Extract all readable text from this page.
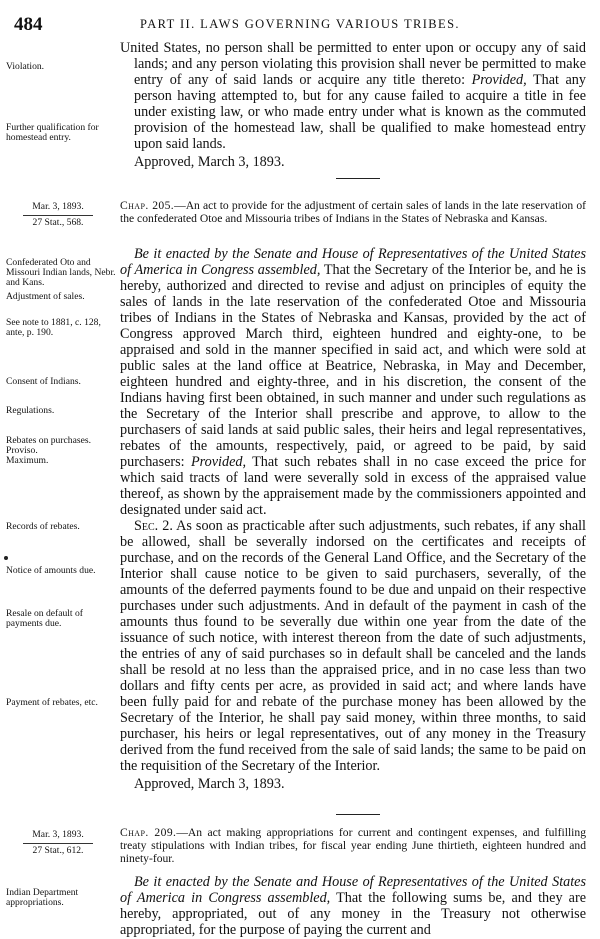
484	PART II. LAWS GOVERNING VARIOUS TRIBES.
Violation.
Further qualification for homestead entry.

United States, no person shall be permitted to enter upon or occupy any of said lands; and any person violating this provision shall never be permitted to make entry of any of said lands or acquire any title thereto: Provided, That any person having attempted to, but for any cause failed to acquire a title in fee under existing law, or who made entry under what is known as the commuted provision of the homestead law, shall be qualified to make homestead entry upon said lands.

Approved, March 3, 1893.

Mar. 3, 1893.
27 Stat., 568.

Chap. 205.—An act to provide for the adjustment of certain sales of lands in the late reservation of the confederated Otoe and Missouria tribes of Indians in the States of Nebraska and Kansas.

Confederated Oto and Missouri Indian lands, Nebr. and Kans.
Adjustment of sales.
See note to 1881, c. 128, ante, p. 190.
Consent of Indians.
Regulations.
Rebates on purchases.
Proviso.
Maximum.
Records of rebates.
Notice of amounts due.
Resale on default of payments due.
Payment of rebates, etc.

Be it enacted by the Senate and House of Representatives of the United States of America in Congress assembled, That the Secretary of the Interior be, and he is hereby, authorized and directed to revise and adjust on principles of equity the sales of lands in the late reservation of the confederated Otoe and Missouria tribes of Indians in the States of Nebraska and Kansas, provided by the act of Congress approved March third, eighteen hundred and eighty-one, to be appraised and sold in the manner specified in said act, and which were sold at public sales at the land office at Beatrice, Nebraska, in May and December, eighteen hundred and eighty-three, and in his discretion, the consent of the Indians having first been obtained, in such manner and under such regulations as the Secretary of the Interior shall prescribe and approve, to allow to the purchasers of said lands at said public sales, their heirs and legal representatives, rebates of the amounts, respectively, paid, or agreed to be paid, by said purchasers: Provided, That such rebates shall in no case exceed the price for which said tracts of land were severally sold in excess of the appraised value thereof, as shown by the appraisement made by the commissioners appointed and designated under said act.

Sec. 2. As soon as practicable after such adjustments, such rebates, if any shall be allowed, shall be severally indorsed on the certificates and receipts of purchase, and on the records of the General Land Office, and the Secretary of the Interior shall cause notice to be given to said purchasers, severally, of the amounts of the deferred payments found to be due and unpaid on their respective purchases under such adjustments. And in default of the payment in cash of the amounts thus found to be severally due within one year from the date of the issuance of such notice, with interest thereon from the date of such adjustments, the entries of any of said purchases so in default shall be canceled and the lands shall be resold at no less than the appraised price, and in no case less than two dollars and fifty cents per acre, as provided in said act; and where lands have been fully paid for and rebate of the purchase money has been allowed by the Secretary of the Interior, he shall pay said money, within three months, to said purchaser, his heirs or legal representatives, out of any money in the Treasury derived from the fund received from the sale of said lands; the same to be paid on the requisition of the Secretary of the Interior.

Approved, March 3, 1893.

Mar. 3, 1893.
27 Stat., 612.

Chap. 209.—An act making appropriations for current and contingent expenses, and fulfilling treaty stipulations with Indian tribes, for fiscal year ending June thirtieth, eighteen hundred and ninety-four.

Indian Department appropriations.

Be it enacted by the Senate and House of Representatives of the United States of America in Congress assembled, That the following sums be, and they are hereby, appropriated, out of any money in the Treasury not otherwise appropriated, for the purpose of paying the current and
